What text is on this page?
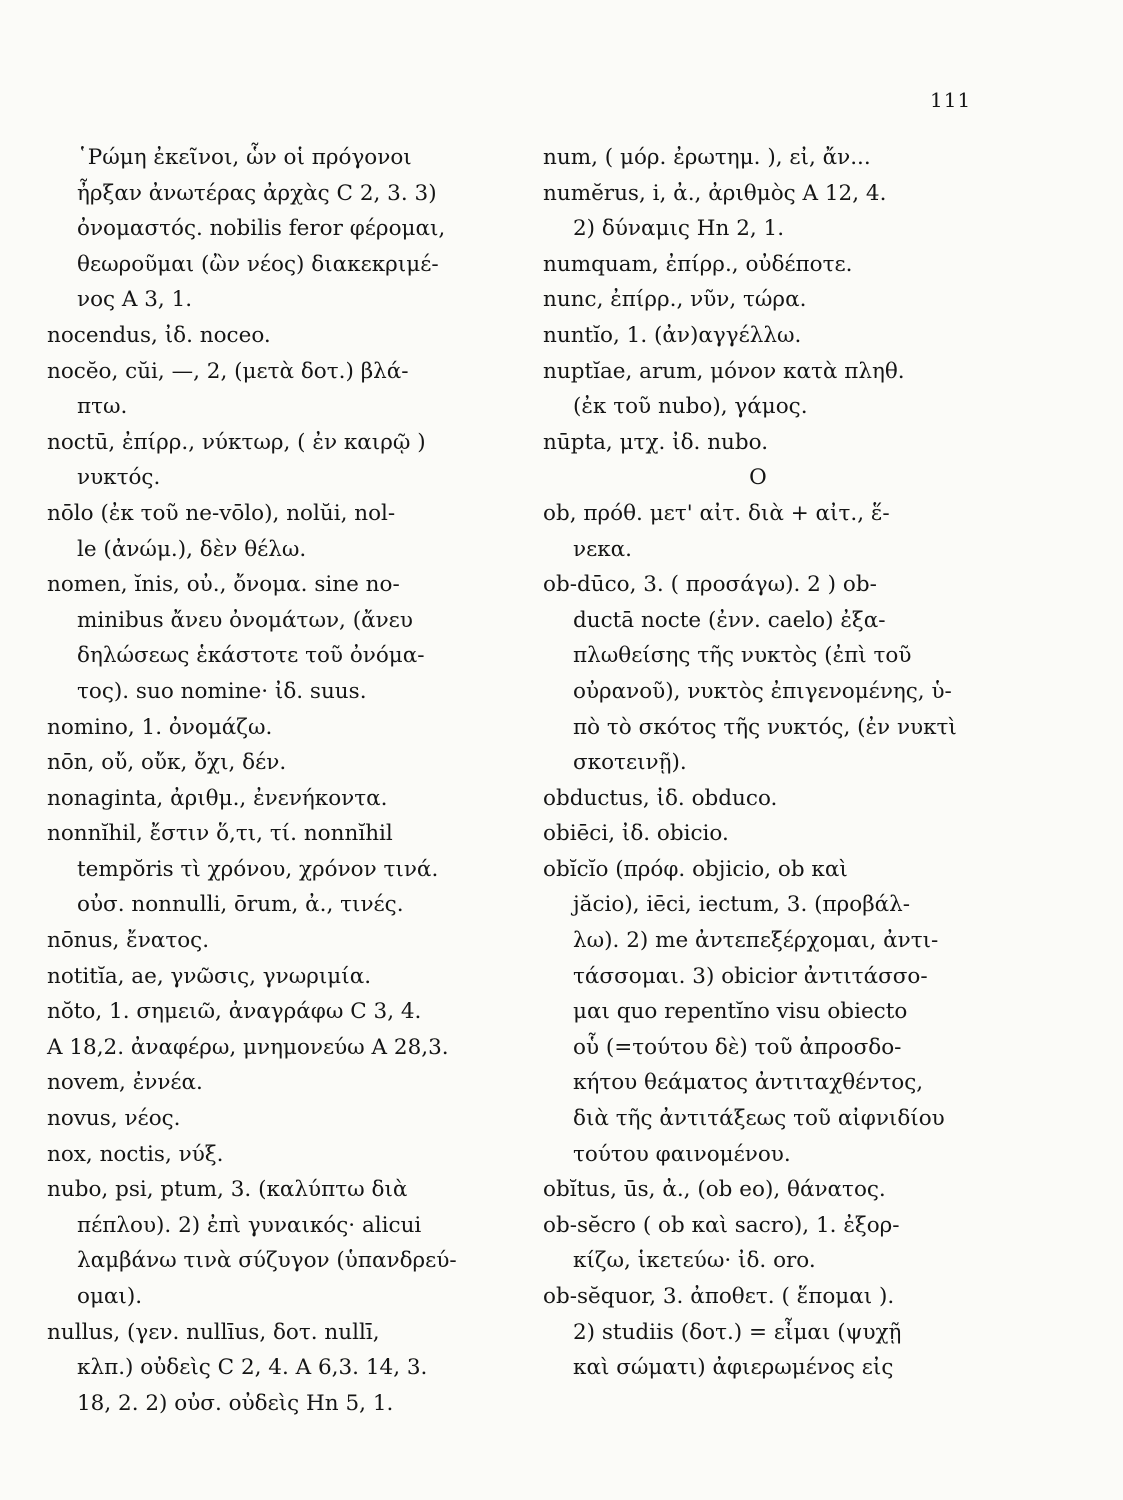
111
῾Ρώμη ἐκεῖνοι, ὧν οἱ πρόγονοι
ἦρξαν ἀνωτέρας ἀρχὰς C 2, 3. 3)
ὀνομαστός. nobilis feror φέρομαι,
θεωροῦμαι (ὢν νέος) διακεκριμέ-
νος A 3, 1.
nocendus, ἰδ. noceo.
nocĕo, cŭi, —, 2, (μετὰ δοτ.) βλά-
πτω.
noctū, ἐπίρρ., νύκτωρ, ( ἐν καιρῷ )
νυκτός.
nōlo (ἐκ τοῦ ne-vōlo), nolŭi, nol-
le (ἀνώμ.), δὲν θέλω.
nomen, ĭnis, οὐ., ὄνομα. sine no-
minibus ἄνευ ὀνομάτων, (ἄνευ
δηλώσεως ἑκάστοτε τοῦ ὀνόμα-
τος). suo nomine· ἰδ. suus.
nomino, 1. ὀνομάζω.
nōn, οὔ, οὔκ, ὄχι, δέν.
nonaginta, ἀριθμ., ἐνενήκοντα.
nonnĭhil, ἔστιν ὅ,τι, τί. nonnĭhil
tempŏris τὶ χρόνου, χρόνον τινά.
οὐσ. nonnulli, ōrum, ἀ., τινές.
nōnus, ἔνατος.
notitĭa, ae, γνῶσις, γνωριμία.
nŏto, 1. σημειῶ, ἀναγράφω C 3, 4.
A 18,2. ἀναφέρω, μνημονεύω A 28,3.
novem, ἐννέα.
novus, νέος.
nox, noctis, νύξ.
nubo, psi, ptum, 3. (καλύπτω διὰ
πέπλου). 2) ἐπὶ γυναικός· alicui
λαμβάνω τινὰ σύζυγον (ὑπανδρεύ-
ομαι).
nullus, (γεν. nullīus, δοτ. nullī,
κλπ.) οὐδεὶς C 2, 4. A 6,3. 14, 3.
18, 2. 2) οὐσ. οὐδεὶς Hn 5, 1.
num, ( μόρ. ἐρωτημ. ), εἰ, ἄν...
numĕrus, i, ἀ., ἀριθμὸς A 12, 4.
2) δύναμις Hn 2, 1.
numquam, ἐπίρρ., οὐδέποτε.
nunc, ἐπίρρ., νῦν, τώρα.
nuntĭo, 1. (ἀν)αγγέλλω.
nuptĭae, arum, μόνον κατὰ πληθ.
(ἐκ τοῦ nubo), γάμος.
nūpta, μτχ. ἰδ. nubo.
O
ob, πρόθ. μετ' αἰτ. διὰ + αἰτ., ἕ-
νεκα.
ob-dūco, 3. ( προσάγω). 2 ) ob-
ductā nocte (ἐνν. caelo) ἐξα-
πλωθείσης τῆς νυκτὸς (ἐπὶ τοῦ
οὐρανοῦ), νυκτὸς ἐπιγενομένης, ὑ-
πὸ τὸ σκότος τῆς νυκτός, (ἐν νυκτὶ
σκοτεινῇ).
obductus, ἰδ. obduco.
obiēci, ἰδ. obicio.
obĭcĭo (πρόφ. objicio, ob καὶ
jăcio), iēci, iectum, 3. (προβάλ-
λω). 2) me ἀντεπεξέρχομαι, ἀντι-
τάσσομαι. 3) obicior ἀντιτάσσο-
μαι quo repentĭno visu obiecto
οὗ (=τούτου δὲ) τοῦ ἀπροσδο-
κήτου θεάματος ἀντιταχθέντος,
διὰ τῆς ἀντιτάξεως τοῦ αἰφνιδίου
τούτου φαινομένου.
obĭtus, ūs, ἀ., (ob eo), θάνατος.
ob-sĕcro ( ob καὶ sacro), 1. ἐξορ-
κίζω, ἱκετεύω· ἰδ. oro.
ob-sĕquor, 3. ἀποθετ. ( ἕπομαι ).
2) studiis (δοτ.) = εἶμαι (ψυχῇ
καὶ σώματι) ἀφιερωμένος εἰς
